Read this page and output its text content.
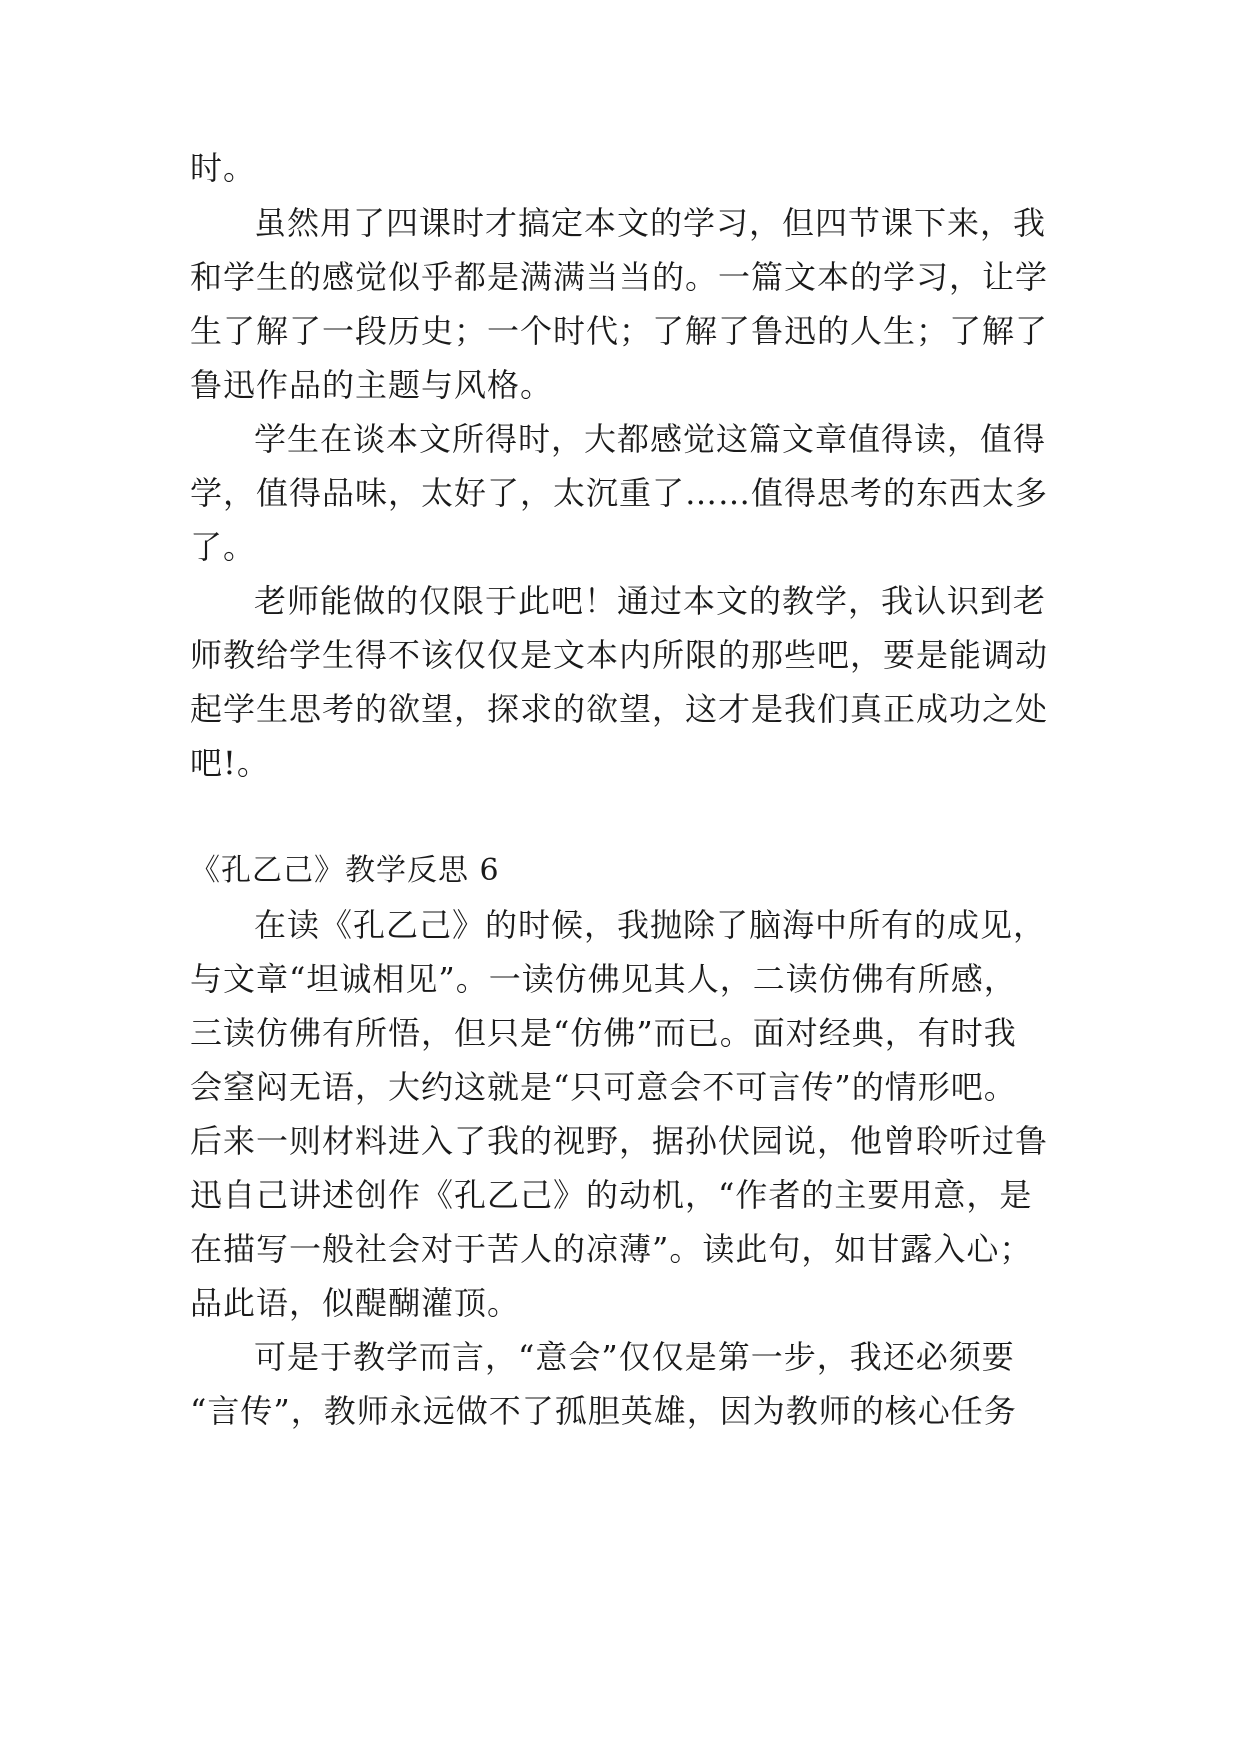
时。
虽然用了四课时才搞定本文的学习，但四节课下来，我
和学生的感觉似乎都是满满当当的。一篇文本的学习，让学
生了解了一段历史；一个时代；了解了鲁迅的人生；了解了
鲁迅作品的主题与风格。
学生在谈本文所得时，大都感觉这篇文章值得读，值得
学，值得品味，太好了，太沉重了……值得思考的东西太多
了。
老师能做的仅限于此吧！通过本文的教学，我认识到老
师教给学生得不该仅仅是文本内所限的那些吧，要是能调动
起学生思考的欲望，探求的欲望，这才是我们真正成功之处
吧!。
《孔乙己》教学反思 6
在读《孔乙己》的时候，我抛除了脑海中所有的成见，
与文章“坦诚相见”。一读仿佛见其人，二读仿佛有所感，
三读仿佛有所悟，但只是“仿佛”而已。面对经典，有时我
会窒闷无语，大约这就是“只可意会不可言传”的情形吧。
后来一则材料进入了我的视野，据孙伏园说，他曾聆听过鲁
迅自己讲述创作《孔乙己》的动机，“作者的主要用意，是
在描写一般社会对于苦人的凉薄”。读此句，如甘露入心；
品此语，似醍醐灌顶。
可是于教学而言，“意会”仅仅是第一步，我还必须要
“言传”，教师永远做不了孤胆英雄，因为教师的核心任务
